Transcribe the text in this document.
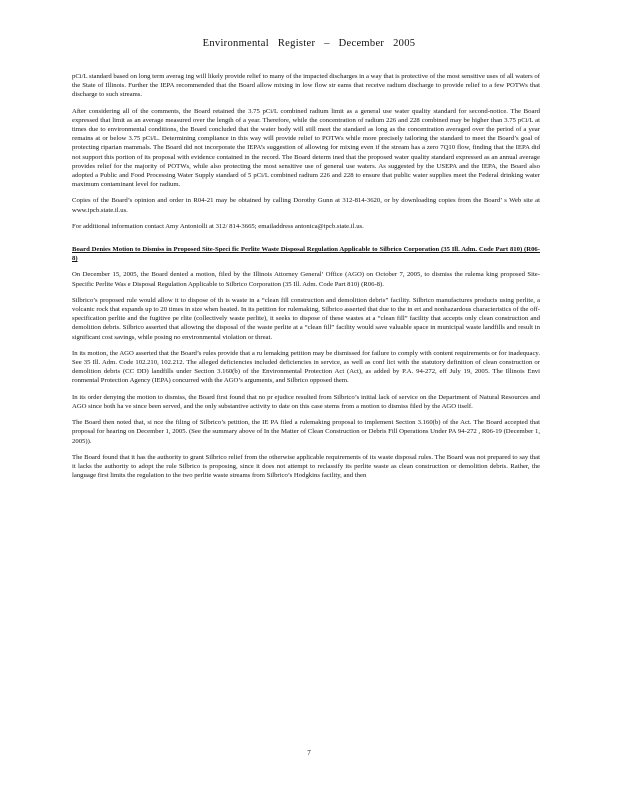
Environmental Register – December 2005

pCi/L standard based on long term averag ing will likely provide relief to many of the impacted discharges in a way that is protective of the most sensitive uses of all waters of the State of Illinois. Further the IEPA recommended that the Board allow mixing in low flow str eams that receive radium discharge to provide relief to a few POTWs that discharge to such streams.

After considering all of the comments, the Board retained the 3.75 pCi/L combined radium limit as a general use water quality standard for second-notice. The Board expressed that limit as an average measured over the length of a year. Therefore, while the concentration of radium 226 and 228 combined may be higher than 3.75 pCi/L at times due to environmental conditions, the Board concluded that the water body will still meet the standard as long as the concentration averaged over the period of a year remains at or below 3.75 pCi/L. Determining compliance in this way will provide relief to POTWs while more precisely tailoring the standard to meet the Board’s goal of protecting riparian mammals. The Board did not incorporate the IEPA’s suggestion of allowing for mixing even if the stream has a zero 7Q10 flow, finding that the IEPA did not support this portion of its proposal with evidence contained in the record. The Board determ ined that the proposed water quality standard expressed as an annual average provides relief for the majority of POTWs, while also protecting the most sensitive use of general use waters. As suggested by the USEPA and the IEPA, the Board also adopted a Public and Food Processing Water Supply standard of 5 pCi/L combined radium 226 and 228 to ensure that public water supplies meet the Federal drinking water maximum contaminant level for radium.

Copies of the Board’s opinion and order in R04-21 may be obtained by calling Dorothy Gunn at 312-814-3620, or by downloading copies from the Board’ s Web site at www.ipcb.state.il.us.

For additional information contact Amy Antoniolli at 312/ 814-3665; emailaddress antonica@ipcb.state.il.us.

Board Denies Motion to Dismiss in Proposed Site-Speci fic Perlite Waste Disposal Regulation Applicable to Silbrico Corporation (35 Ill. Adm. Code Part 810) (R06-8)

On December 15, 2005, the Board denied a motion, filed by the Illinois Attorney General’ Office (AGO) on October 7, 2005, to dismiss the rulema king proposed Site-Specific Perlite Was e Disposal Regulation Applicable to Silbrico Corporation (35 Ill. Adm. Code Part 810) (R06-8).

Silbrico’s proposed rule would allow it to dispose of th is waste in a “clean fill construction and demolition debris” facility. Silbrico manufactures products using perlite, a volcanic rock that expands up to 20 times in size when heated. In its petition for rulemaking, Silbrico asserted that due to the in ert and nonhazardous characteristics of the off-specification perlite and the fugitive pe rlite (collectively waste perlite), it seeks to dispose of these wastes at a “clean fill” facility that accepts only clean construction and demolition debris. Silbrico asserted that allowing the disposal of the waste perlite at a “clean fill” facility would save valuable space in municipal waste landfills and result in significant cost savings, while posing no environmental violation or threat.

In its motion, the AGO asserted that the Board’s rules provide that a ru lemaking petition may be dismissed for failure to comply with content requirements or for inadequacy. See 35 Ill. Adm. Code 102.210, 102.212. The alleged deficiencies included deficiencies in service, as well as conf lict with the statutory definition of clean construction or demolition debris (CC DD) landfills under Section 3.160(b) of the Environmental Protection Act (Act), as added by P.A. 94-272, eff July 19, 2005. The Illinois Envi ronmental Protection Agency (IEPA) concurred with the AGO’s arguments, and Silbrico opposed them.

In its order denying the motion to dismiss, the Board first found that no pr ejudice resulted from Silbrico’s initial lack of service on the Department of Natural Resources and AGO since both ha ve since been served, and the only substantive activity to date on this case stems from a motion to dismiss filed by the AGO itself.

The Board then noted that, si nce the filing of Silbrico’s petition, the IE PA filed a rulemaking proposal to implement Section 3.160(b) of the Act. The Board accepted that proposal for hearing on December 1, 2005. (See the summary above of In the Matter of Clean Construction or Debris Fill Operations Under PA 94-272 , R06-19 (December 1, 2005)).

The Board found that it has the authority to grant Silbrico relief from the otherwise applicable requirements of its waste disposal rules. The Board was not prepared to say that it lacks the authority to adopt the rule Silbrico is proposing, since it does not attempt to reclassify its perlite waste as clean construction or demolition debris. Rather, the language first limits the regulation to the two perlite waste streams from Silbrico’s Hodgkins facility, and then

7
